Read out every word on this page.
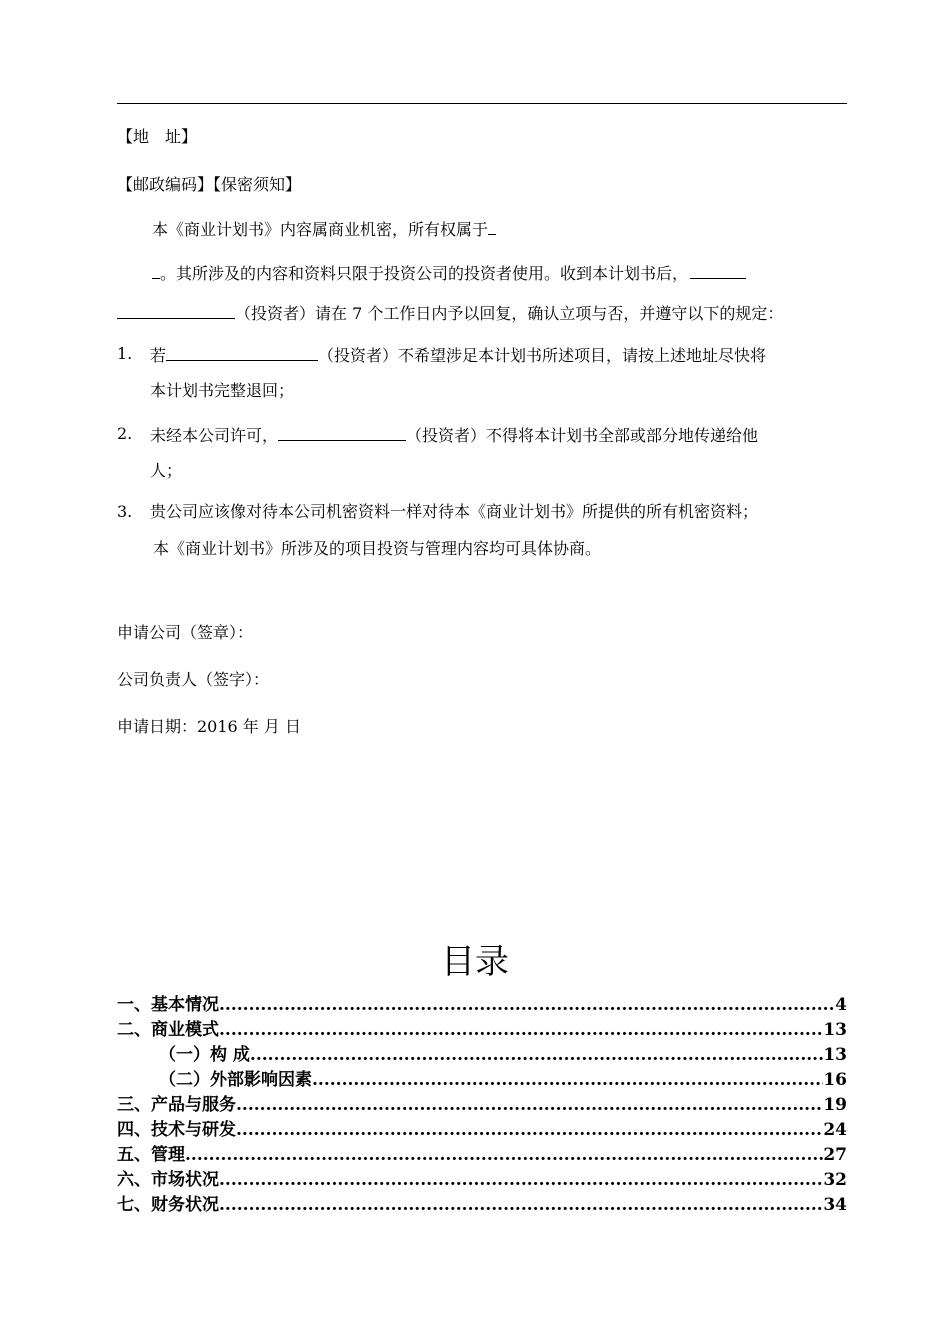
【地　址】
【邮政编码】【保密须知】
本《商业计划书》内容属商业机密，所有权属于
。其所涉及的内容和资料只限于投资公司的投资者使用。收到本计划书后，
（投资者）请在 7 个工作日内予以回复，确认立项与否，并遵守以下的规定：
1. 若	（投资者）不希望涉足本计划书所述项目，请按上述地址尽快将
本计划书完整退回；
2. 未经本公司许可，	（投资者）不得将本计划书全部或部分地传递给他
人；
3. 贵公司应该像对待本公司机密资料一样对待本《商业计划书》所提供的所有机密资料；
本《商业计划书》所涉及的项目投资与管理内容均可具体协商。
申请公司（签章）：
公司负责人（签字）：
申请日期：2016 年 月 日
目录
一、基本情况 .....	4
二、商业模式 .....	13
（一）构 成 .....	13
（二）外部影响因素 .....	16
三、产品与服务 .....	19
四、技术与研发 .....	24
五、管理 .....	27
六、市场状况 .....	32
七、财务状况 .....	34
